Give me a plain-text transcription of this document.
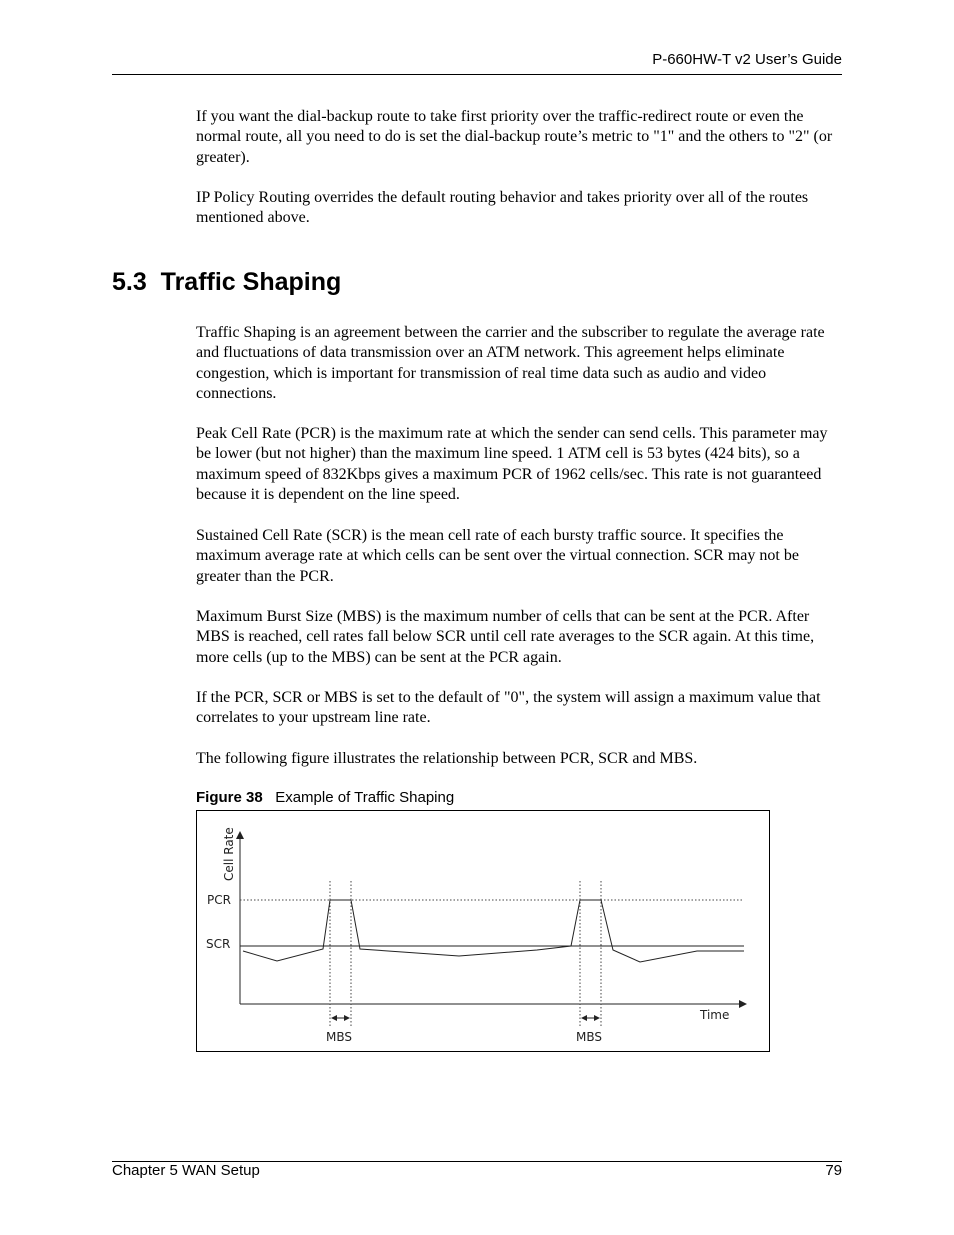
P-660HW-T v2 User’s Guide

If you want the dial-backup route to take first priority over the traffic-redirect route or even the normal route, all you need to do is set the dial-backup route’s metric to "1" and the others to "2" (or greater).

IP Policy Routing overrides the default routing behavior and takes priority over all of the routes mentioned above.

5.3 Traffic Shaping

Traffic Shaping is an agreement between the carrier and the subscriber to regulate the average rate and fluctuations of data transmission over an ATM network. This agreement helps eliminate congestion, which is important for transmission of real time data such as audio and video connections.

Peak Cell Rate (PCR) is the maximum rate at which the sender can send cells. This parameter may be lower (but not higher) than the maximum line speed. 1 ATM cell is 53 bytes (424 bits), so a maximum speed of 832Kbps gives a maximum PCR of 1962 cells/sec. This rate is not guaranteed because it is dependent on the line speed.

Sustained Cell Rate (SCR) is the mean cell rate of each bursty traffic source. It specifies the maximum average rate at which cells can be sent over the virtual connection. SCR may not be greater than the PCR.

Maximum Burst Size (MBS) is the maximum number of cells that can be sent at the PCR. After MBS is reached, cell rates fall below SCR until cell rate averages to the SCR again. At this time, more cells (up to the MBS) can be sent at the PCR again.

If the PCR, SCR or MBS is set to the default of "0", the system will assign a maximum value that correlates to your upstream line rate.

The following figure illustrates the relationship between PCR, SCR and MBS.

Figure 38 Example of Traffic Shaping
Cell Rate
Time
PCR
SCR
MBS	MBS
Chapter 5 WAN Setup	79
